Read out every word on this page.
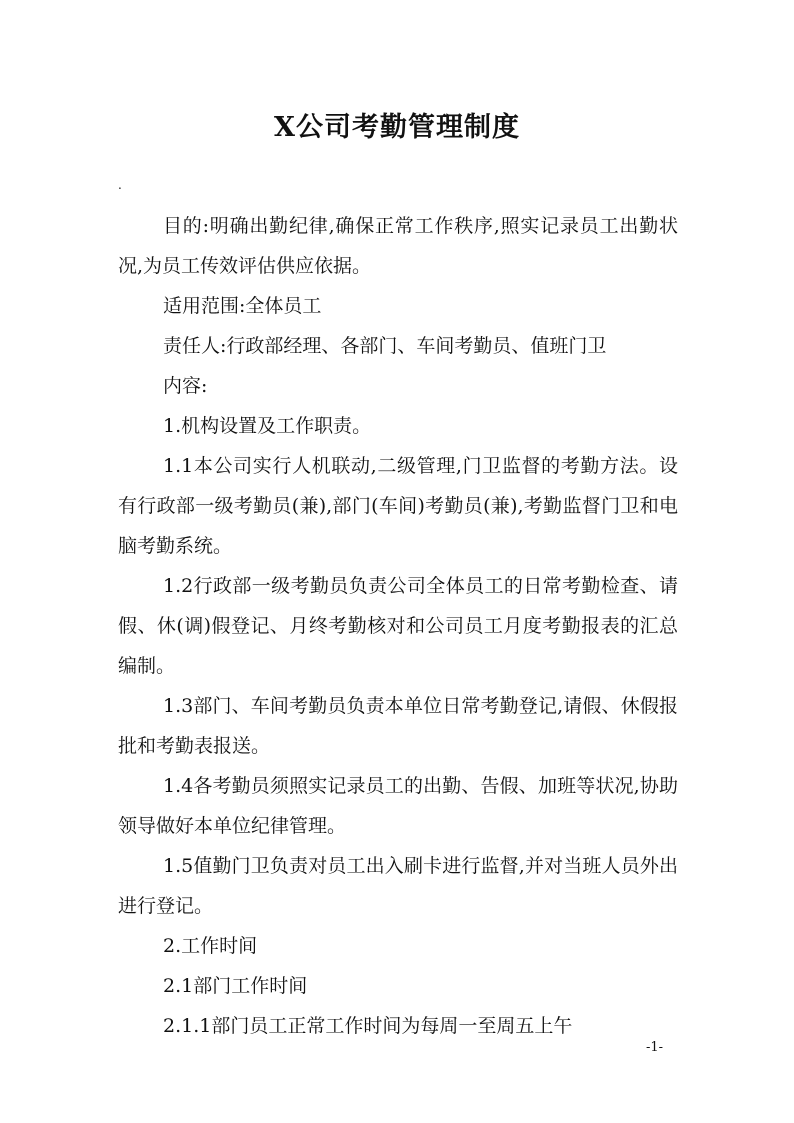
X公司考勤管理制度
.

目的:明确出勤纪律,确保正常工作秩序,照实记录员工出勤状况,为员工传效评估供应依据。

适用范围:全体员工

责任人:行政部经理、各部门、车间考勤员、值班门卫

内容:

1.机构设置及工作职责。

1.1本公司实行人机联动,二级管理,门卫监督的考勤方法。设有行政部一级考勤员(兼),部门(车间)考勤员(兼),考勤监督门卫和电脑考勤系统。

1.2行政部一级考勤员负责公司全体员工的日常考勤检查、请假、休(调)假登记、月终考勤核对和公司员工月度考勤报表的汇总编制。

1.3部门、车间考勤员负责本单位日常考勤登记,请假、休假报批和考勤表报送。

1.4各考勤员须照实记录员工的出勤、告假、加班等状况,协助领导做好本单位纪律管理。

1.5值勤门卫负责对员工出入刷卡进行监督,并对当班人员外出进行登记。

2.工作时间

2.1部门工作时间

2.1.1部门员工正常工作时间为每周一至周五上午

-1-
